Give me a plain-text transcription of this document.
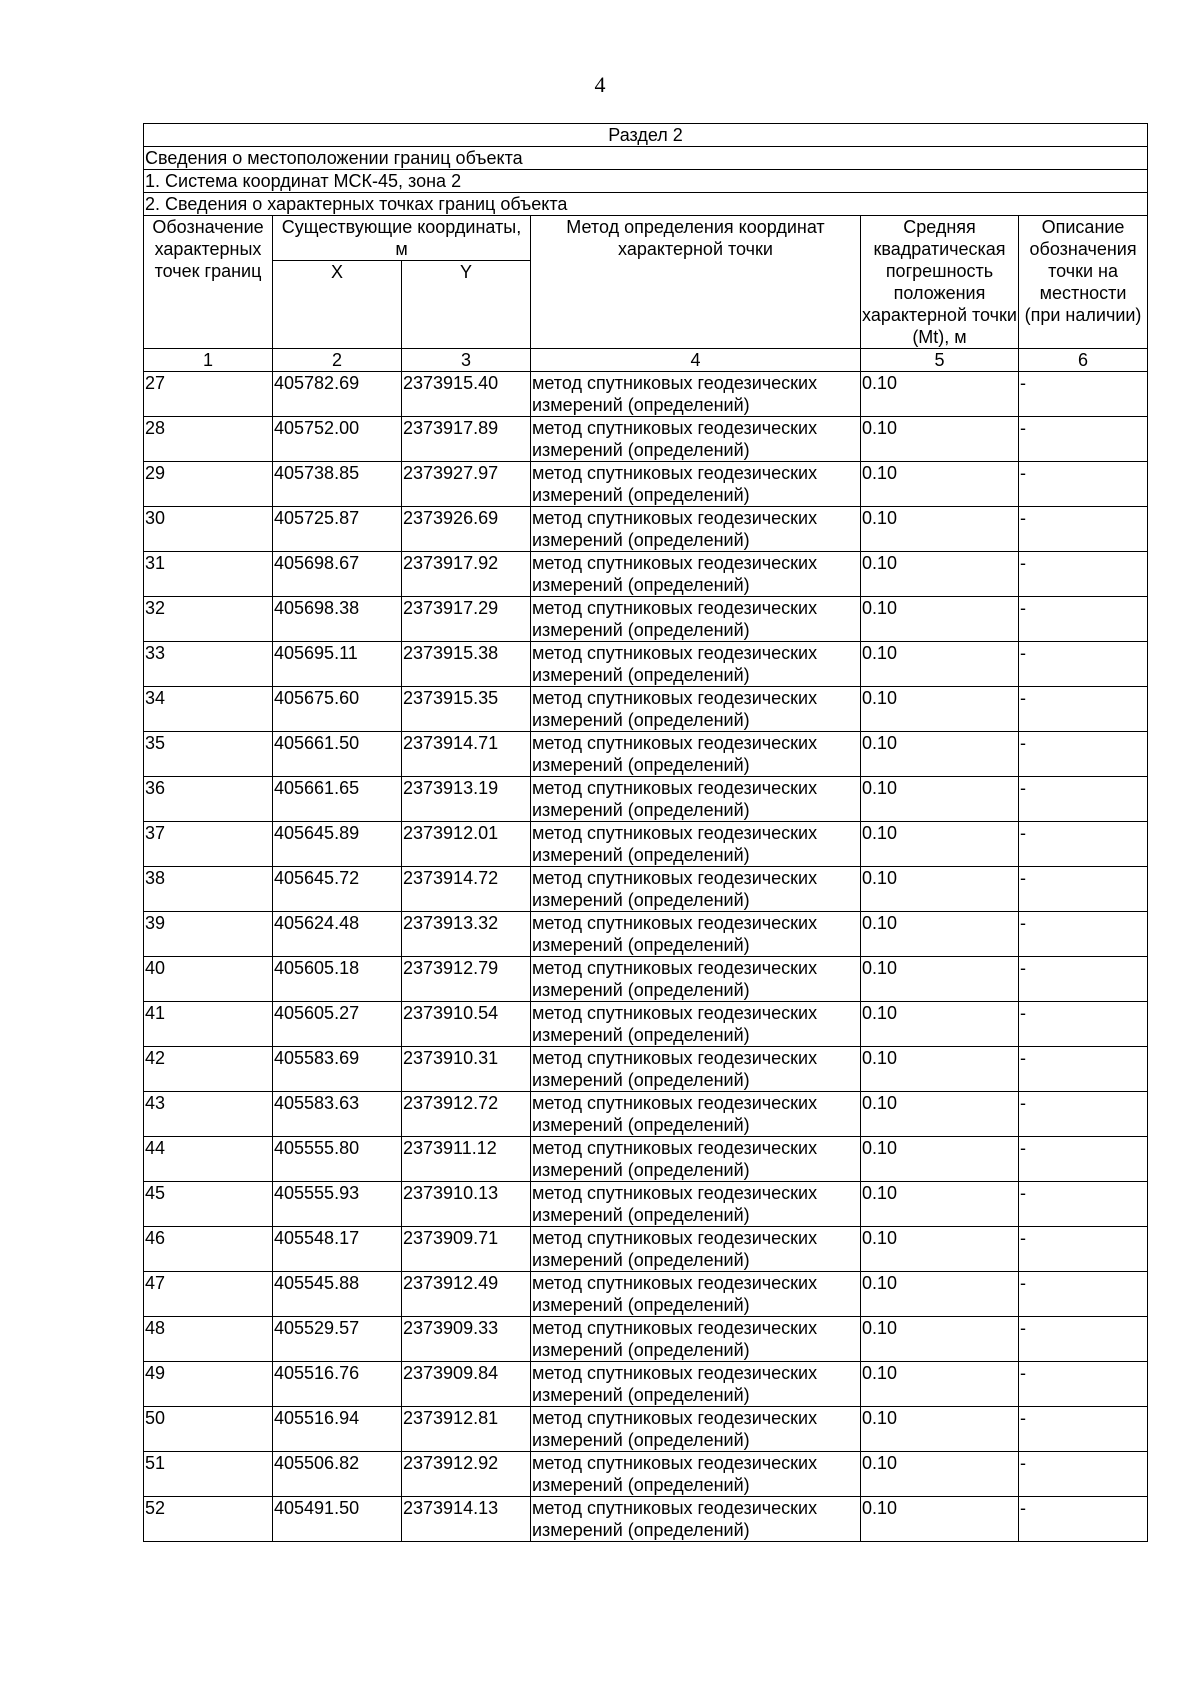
4
Раздел 2					
Сведения о местоположении границ объекта					
1. Система координат МСК-45, зона 2					
2. Сведения о характерных точках границ объекта					
Обозначение характерных точек границ	Существующие координаты, м		Метод определения координат характерной точки	Средняя квадратическая погрешность положения характерной точки (Mt), м	Описание обозначения точки на местности (при наличии)
	X	Y			
1	2	3	4	5	6
27	405782.69	2373915.40	метод спутниковых геодезических измерений (определений)	0.10	-
28	405752.00	2373917.89	метод спутниковых геодезических измерений (определений)	0.10	-
29	405738.85	2373927.97	метод спутниковых геодезических измерений (определений)	0.10	-
30	405725.87	2373926.69	метод спутниковых геодезических измерений (определений)	0.10	-
31	405698.67	2373917.92	метод спутниковых геодезических измерений (определений)	0.10	-
32	405698.38	2373917.29	метод спутниковых геодезических измерений (определений)	0.10	-
33	405695.11	2373915.38	метод спутниковых геодезических измерений (определений)	0.10	-
34	405675.60	2373915.35	метод спутниковых геодезических измерений (определений)	0.10	-
35	405661.50	2373914.71	метод спутниковых геодезических измерений (определений)	0.10	-
36	405661.65	2373913.19	метод спутниковых геодезических измерений (определений)	0.10	-
37	405645.89	2373912.01	метод спутниковых геодезических измерений (определений)	0.10	-
38	405645.72	2373914.72	метод спутниковых геодезических измерений (определений)	0.10	-
39	405624.48	2373913.32	метод спутниковых геодезических измерений (определений)	0.10	-
40	405605.18	2373912.79	метод спутниковых геодезических измерений (определений)	0.10	-
41	405605.27	2373910.54	метод спутниковых геодезических измерений (определений)	0.10	-
42	405583.69	2373910.31	метод спутниковых геодезических измерений (определений)	0.10	-
43	405583.63	2373912.72	метод спутниковых геодезических измерений (определений)	0.10	-
44	405555.80	2373911.12	метод спутниковых геодезических измерений (определений)	0.10	-
45	405555.93	2373910.13	метод спутниковых геодезических измерений (определений)	0.10	-
46	405548.17	2373909.71	метод спутниковых геодезических измерений (определений)	0.10	-
47	405545.88	2373912.49	метод спутниковых геодезических измерений (определений)	0.10	-
48	405529.57	2373909.33	метод спутниковых геодезических измерений (определений)	0.10	-
49	405516.76	2373909.84	метод спутниковых геодезических измерений (определений)	0.10	-
50	405516.94	2373912.81	метод спутниковых геодезических измерений (определений)	0.10	-
51	405506.82	2373912.92	метод спутниковых геодезических измерений (определений)	0.10	-
52	405491.50	2373914.13	метод спутниковых геодезических измерений (определений)	0.10	-
